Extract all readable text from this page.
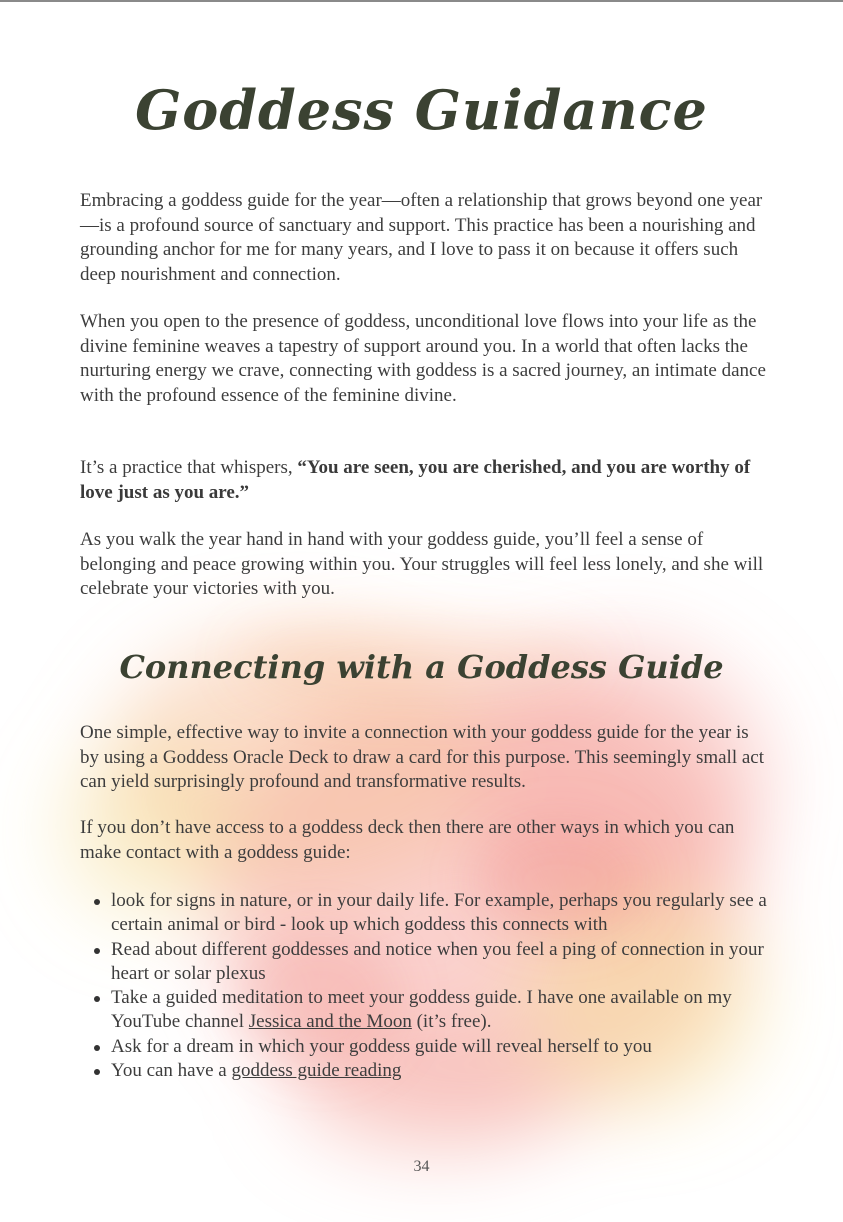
Goddess Guidance

Embracing a goddess guide for the year—often a relationship that grows beyond one year—is a profound source of sanctuary and support. This practice has been a nourishing and grounding anchor for me for many years, and I love to pass it on because it offers such deep nourishment and connection.

When you open to the presence of goddess, unconditional love flows into your life as the divine feminine weaves a tapestry of support around you. In a world that often lacks the nurturing energy we crave, connecting with goddess is a sacred journey, an intimate dance with the profound essence of the feminine divine.

It’s a practice that whispers, “You are seen, you are cherished, and you are worthy of love just as you are.”

As you walk the year hand in hand with your goddess guide, you’ll feel a sense of belonging and peace growing within you. Your struggles will feel less lonely, and she will celebrate your victories with you.

Connecting with a Goddess Guide

One simple, effective way to invite a connection with your goddess guide for the year is by using a Goddess Oracle Deck to draw a card for this purpose. This seemingly small act can yield surprisingly profound and transformative results.

If you don’t have access to a goddess deck then there are other ways in which you can make contact with a goddess guide:

look for signs in nature, or in your daily life. For example, perhaps you regularly see a certain animal or bird - look up which goddess this connects with
Read about different goddesses and notice when you feel a ping of connection in your heart or solar plexus
Take a guided meditation to meet your goddess guide. I have one available on my YouTube channel Jessica and the Moon (it’s free).
Ask for a dream in which your goddess guide will reveal herself to you
You can have a goddess guide reading
34
